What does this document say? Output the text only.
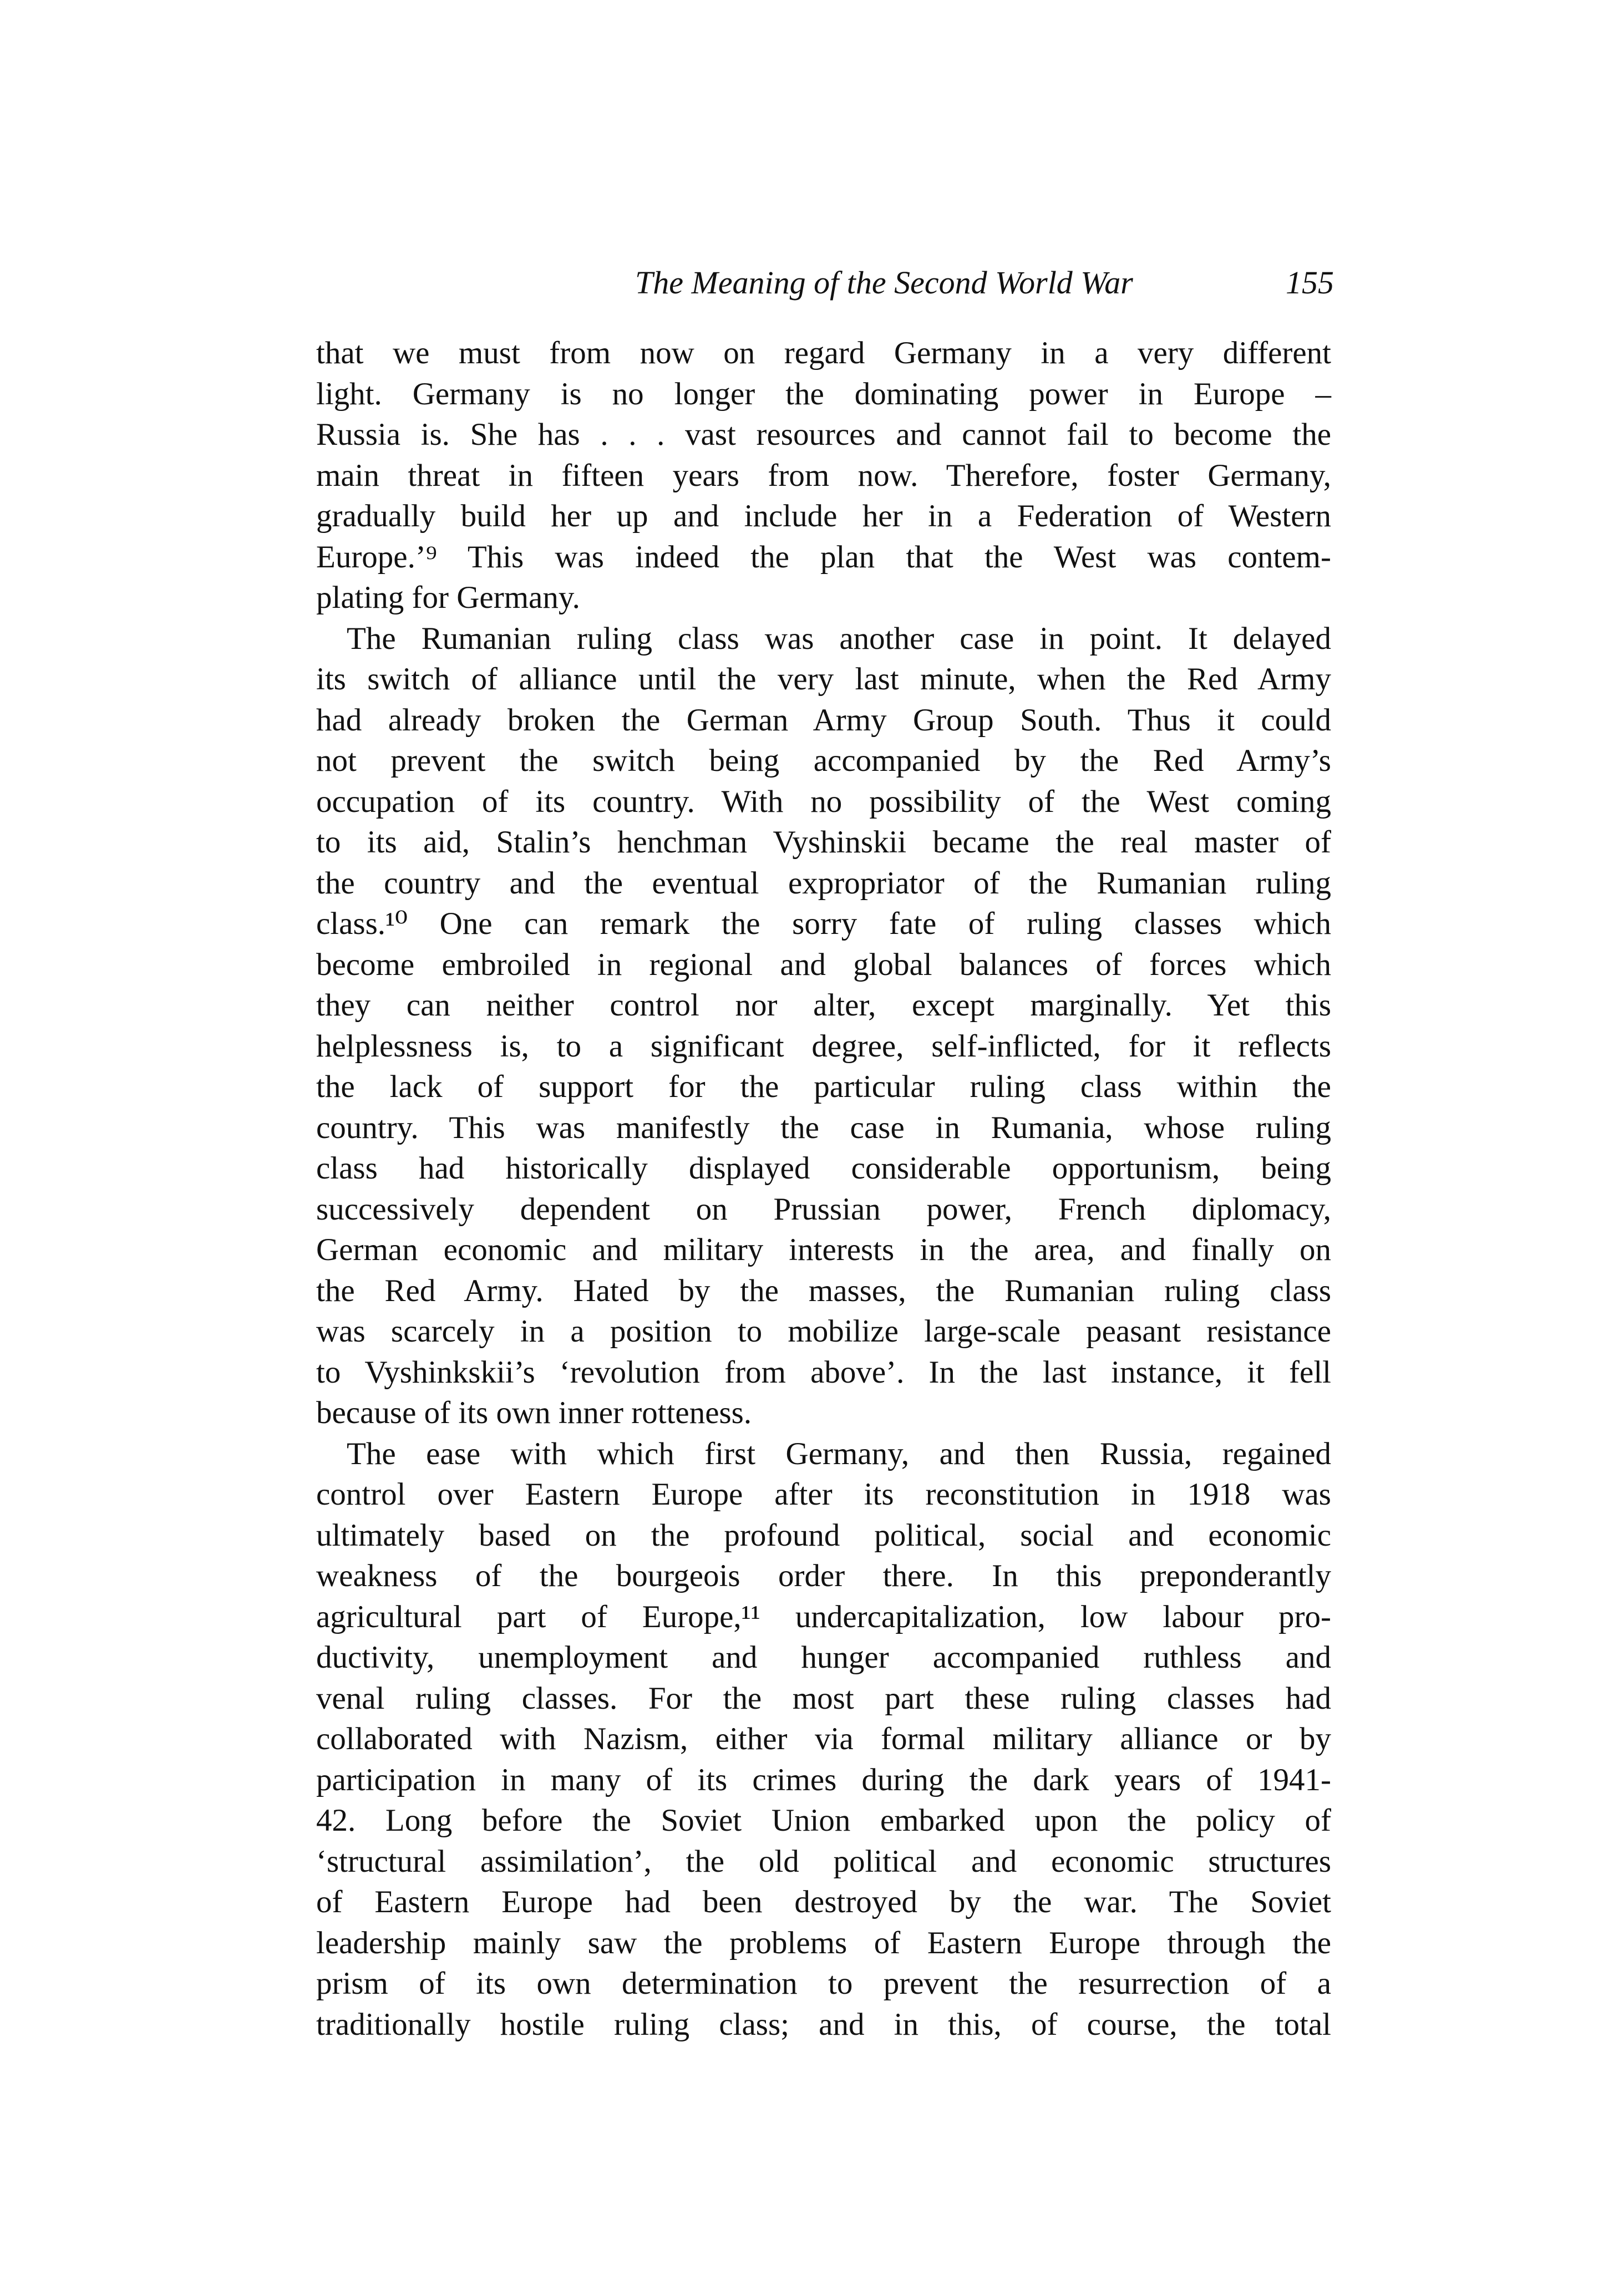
The Meaning of the Second World War	155
that we must from now on regard Germany in a very different
light. Germany is no longer the dominating power in Europe –
Russia is. She has . . . vast resources and cannot fail to become the
main threat in fifteen years from now. Therefore, foster Germany,
gradually build her up and include her in a Federation of Western
Europe.’⁹ This was indeed the plan that the West was contem-
plating for Germany.
The Rumanian ruling class was another case in point. It delayed
its switch of alliance until the very last minute, when the Red Army
had already broken the German Army Group South. Thus it could
not prevent the switch being accompanied by the Red Army’s
occupation of its country. With no possibility of the West coming
to its aid, Stalin’s henchman Vyshinskii became the real master of
the country and the eventual expropriator of the Rumanian ruling
class.¹⁰ One can remark the sorry fate of ruling classes which
become embroiled in regional and global balances of forces which
they can neither control nor alter, except marginally. Yet this
helplessness is, to a significant degree, self-inflicted, for it reflects
the lack of support for the particular ruling class within the
country. This was manifestly the case in Rumania, whose ruling
class had historically displayed considerable opportunism, being
successively dependent on Prussian power, French diplomacy,
German economic and military interests in the area, and finally on
the Red Army. Hated by the masses, the Rumanian ruling class
was scarcely in a position to mobilize large-scale peasant resistance
to Vyshinkskii’s ‘revolution from above’. In the last instance, it fell
because of its own inner rotteness.
The ease with which first Germany, and then Russia, regained
control over Eastern Europe after its reconstitution in 1918 was
ultimately based on the profound political, social and economic
weakness of the bourgeois order there. In this preponderantly
agricultural part of Europe,¹¹ undercapitalization, low labour pro-
ductivity, unemployment and hunger accompanied ruthless and
venal ruling classes. For the most part these ruling classes had
collaborated with Nazism, either via formal military alliance or by
participation in many of its crimes during the dark years of 1941-
42. Long before the Soviet Union embarked upon the policy of
‘structural assimilation’, the old political and economic structures
of Eastern Europe had been destroyed by the war. The Soviet
leadership mainly saw the problems of Eastern Europe through the
prism of its own determination to prevent the resurrection of a
traditionally hostile ruling class; and in this, of course, the total
